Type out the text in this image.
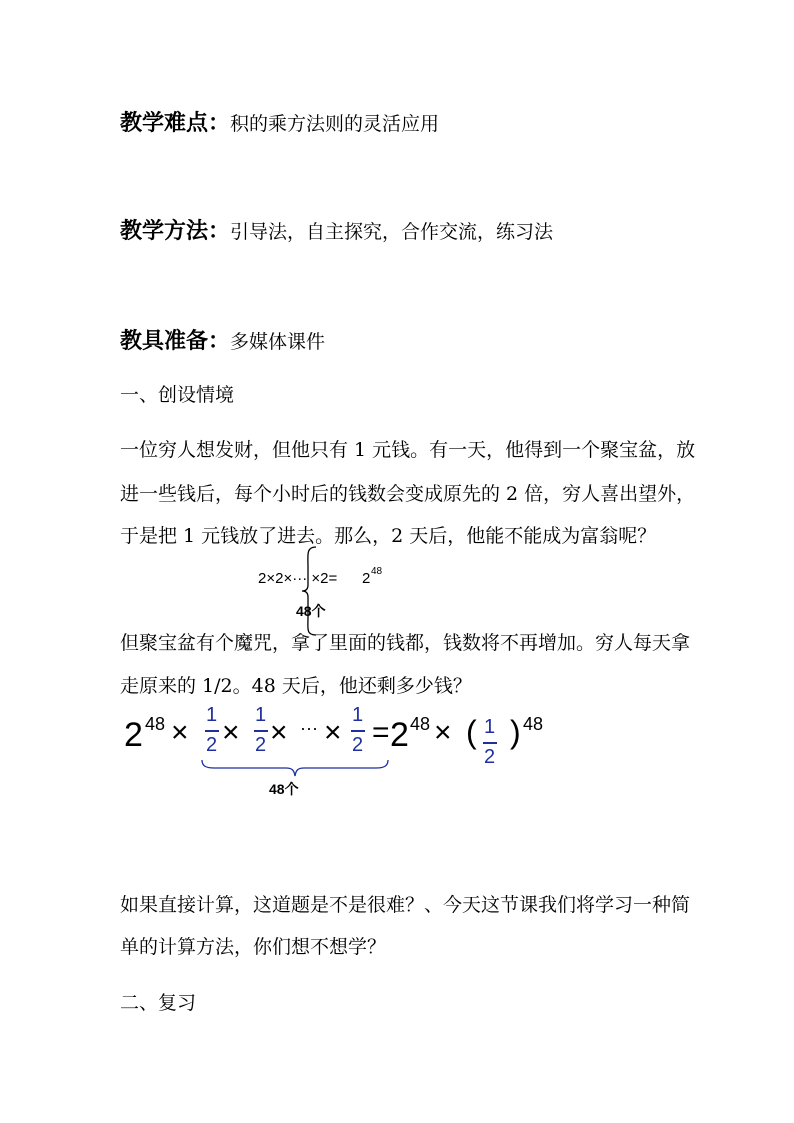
教学难点：积的乘方法则的灵活应用
教学方法：引导法，自主探究，合作交流，练习法
教具准备：多媒体课件
一、创设情境
一位穷人想发财，但他只有 1 元钱。有一天，他得到一个聚宝盆，放
进一些钱后，每个小时后的钱数会变成原先的 2 倍，穷人喜出望外，
于是把 1 元钱放了进去。那么，2 天后，他能不能成为富翁呢？
2×2×··· ×2= 2 48
48个
但聚宝盆有个魔咒，拿了里面的钱都，钱数将不再增加。穷人每天拿
走原来的 1/2。48 天后，他还剩多少钱？
2 48 ×
1
2 ×
1
2 × ··· ×
1
2 = 2 48 × ( 1
2
) 48
48个
如果直接计算，这道题是不是很难？、今天这节课我们将学习一种简
单的计算方法，你们想不想学？
二、复习
